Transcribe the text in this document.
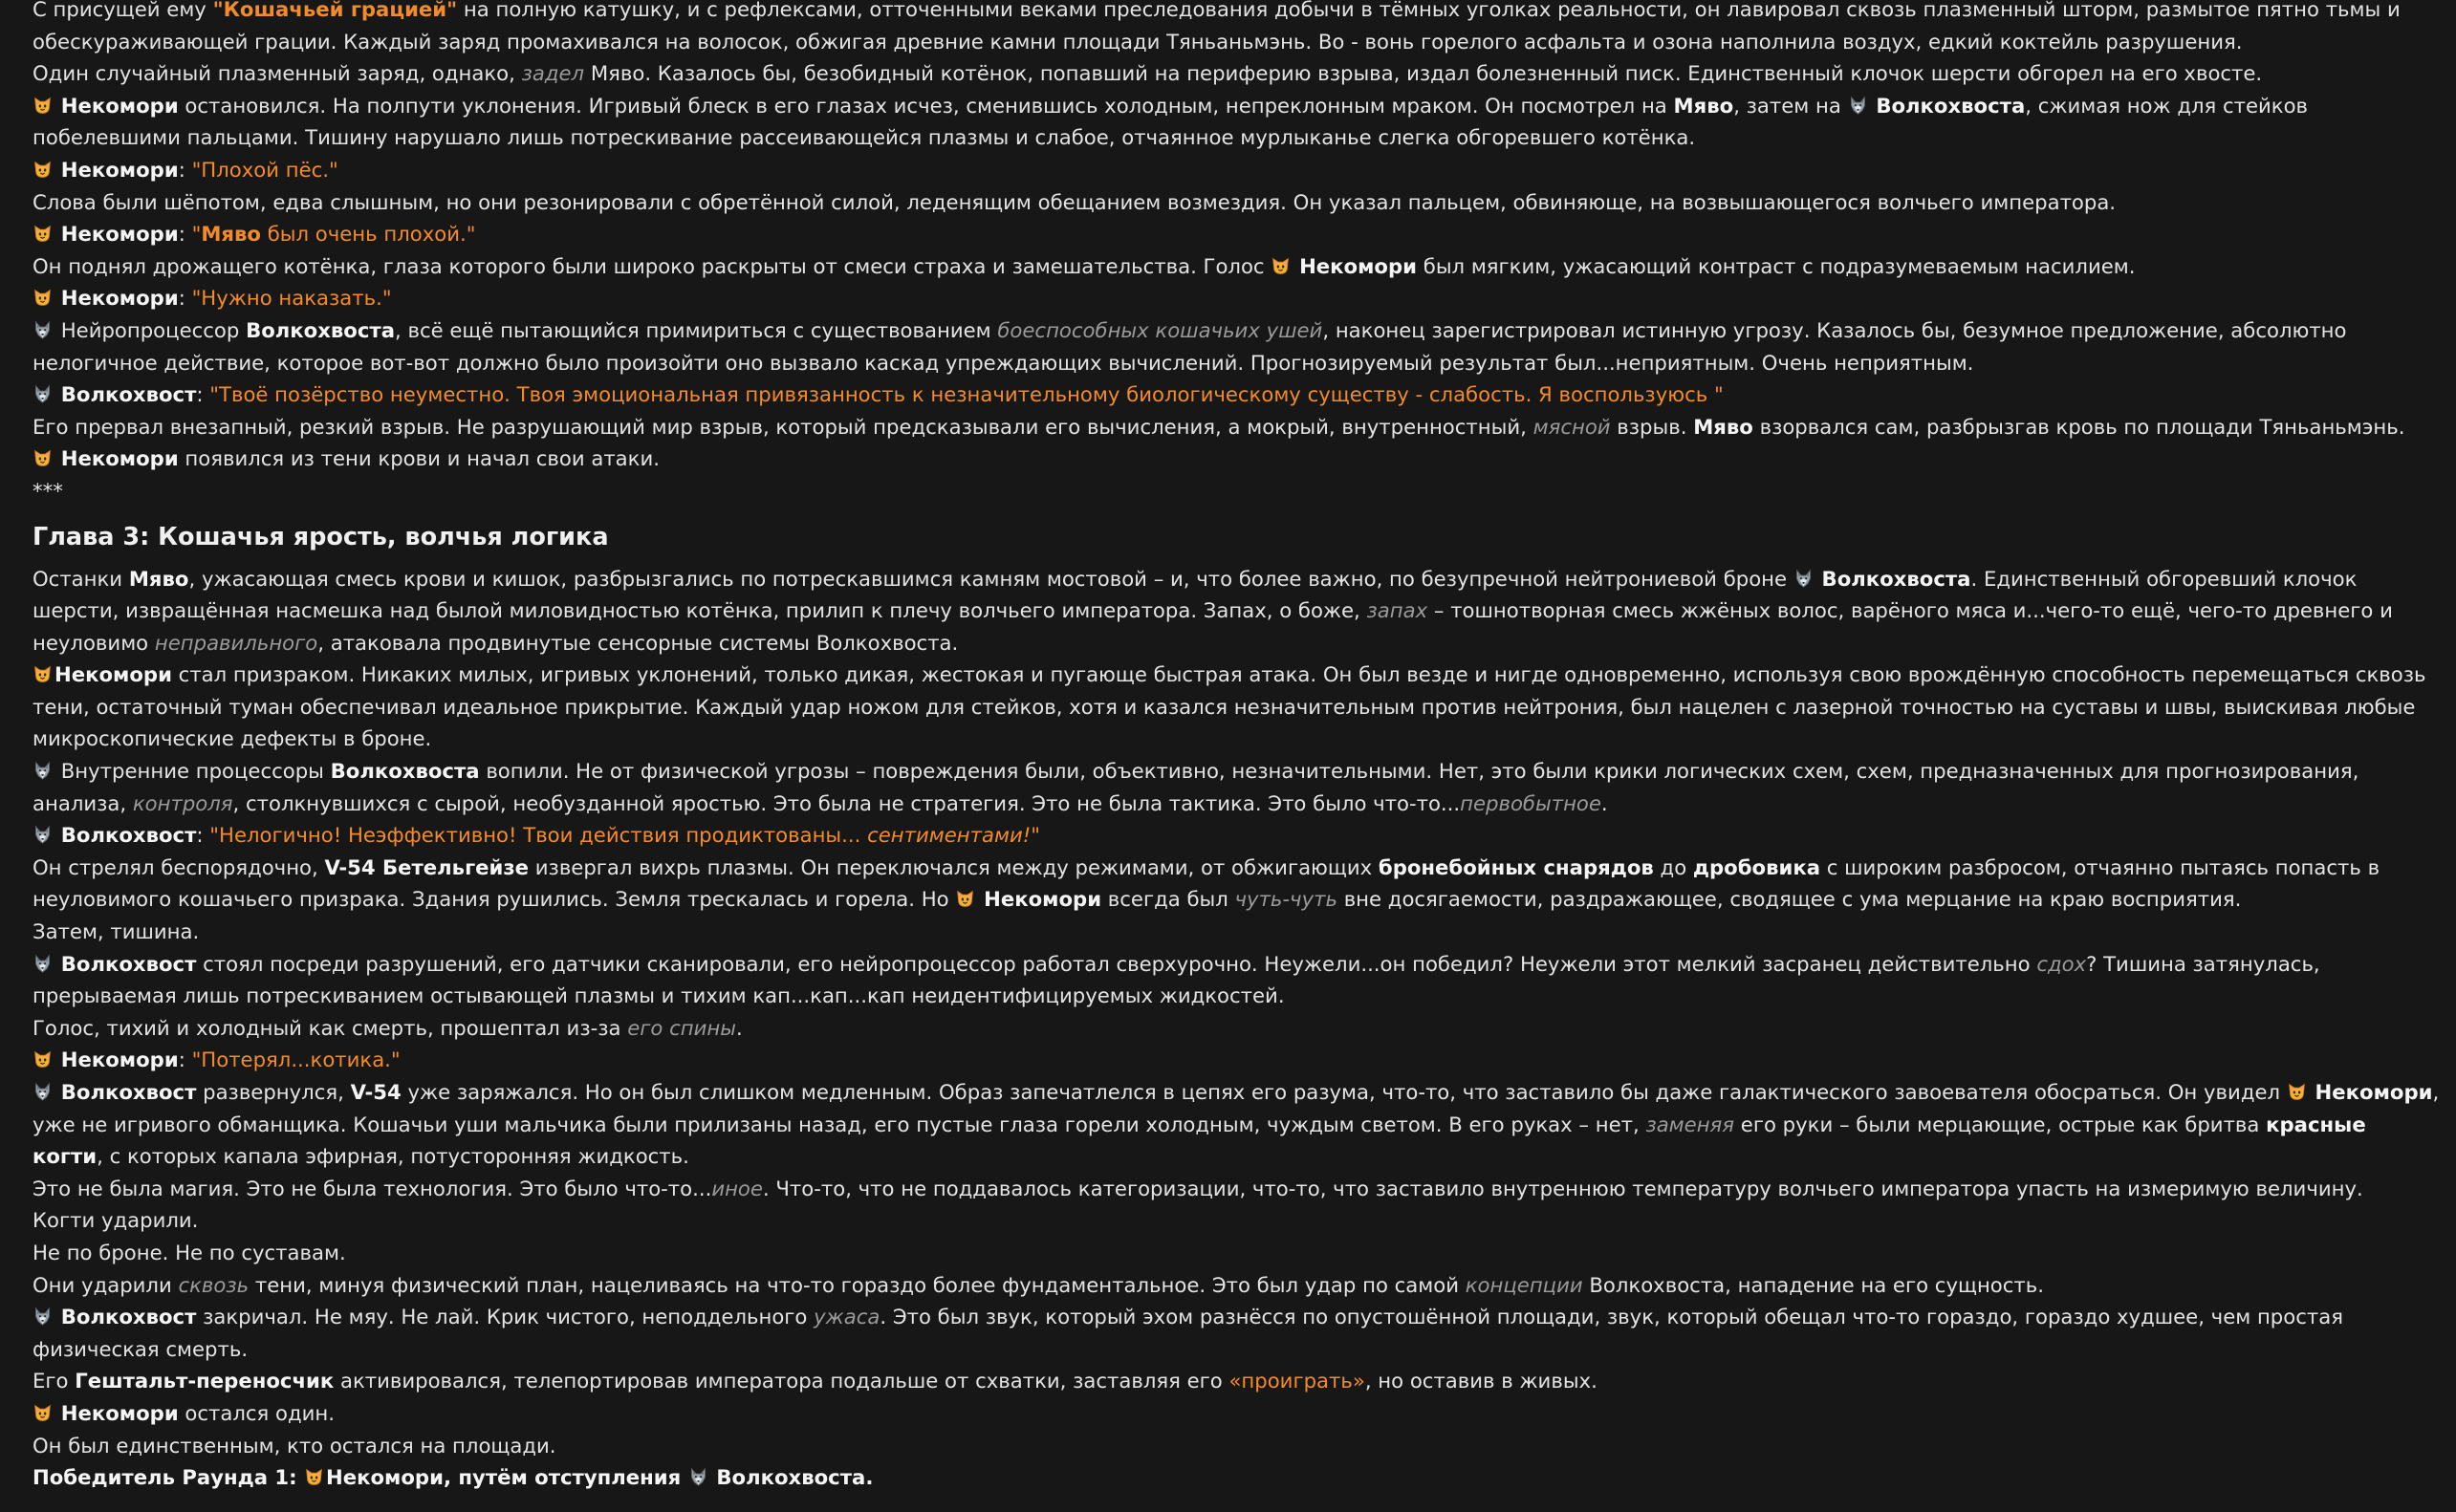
С присущей ему "Кошачьей грацией" на полную катушку, и с рефлексами, отточенными веками преследования добычи в тёмных уголках реальности, он лавировал сквозь плазменный шторм, размытое пятно тьмы и обескураживающей грации. Каждый заряд промахивался на волосок, обжигая древние камни площади Тяньаньмэнь. Во - вонь горелого асфальта и озона наполнила воздух, едкий коктейль разрушения.
Один случайный плазменный заряд, однако, задел Мяво. Казалось бы, безобидный котёнок, попавший на периферию взрыва, издал болезненный писк. Единственный клочок шерсти обгорел на его хвосте.
Некомори остановился. На полпути уклонения. Игривый блеск в его глазах исчез, сменившись холодным, непреклонным мраком. Он посмотрел на Мяво, затем на  Волкохвоста, сжимая нож для стейков побелевшими пальцами. Тишину нарушало лишь потрескивание рассеивающейся плазмы и слабое, отчаянное мурлыканье слегка обгоревшего котёнка.
Некомори: "Плохой пёс."
Слова были шёпотом, едва слышным, но они резонировали с обретённой силой, леденящим обещанием возмездия. Он указал пальцем, обвиняюще, на возвышающегося волчьего императора.
Некомори: "Мяво был очень плохой."
Он поднял дрожащего котёнка, глаза которого были широко раскрыты от смеси страха и замешательства. Голос  Некомори был мягким, ужасающий контраст с подразумеваемым насилием.
Некомори: "Нужно наказать."
Нейропроцессор Волкохвоста, всё ещё пытающийся примириться с существованием боеспособных кошачьих ушей, наконец зарегистрировал истинную угрозу. Казалось бы, безумное предложение, абсолютно нелогичное действие, которое вот-вот должно было произойти оно вызвало каскад упреждающих вычислений. Прогнозируемый результат был...неприятным. Очень неприятным.
Волкохвост: "Твоё позёрство неуместно. Твоя эмоциональная привязанность к незначительному биологическому существу - слабость. Я воспользуюсь "
Его прервал внезапный, резкий взрыв. Не разрушающий мир взрыв, который предсказывали его вычисления, а мокрый, внутренностный, мясной взрыв. Мяво взорвался сам, разбрызгав кровь по площади Тяньаньмэнь.
Некомори появился из тени крови и начал свои атаки.
***
Глава 3: Кошачья ярость, волчья логика
Останки Мяво, ужасающая смесь крови и кишок, разбрызгались по потрескавшимся камням мостовой – и, что более важно, по безупречной нейтрониевой броне  Волкохвоста. Единственный обгоревший клочок шерсти, извращённая насмешка над былой миловидностью котёнка, прилип к плечу волчьего императора. Запах, о боже, запах – тошнотворная смесь жжёных волос, варёного мяса и...чего-то ещё, чего-то древнего и неуловимо неправильного, атаковала продвинутые сенсорные системы Волкохвоста.
Некомори стал призраком. Никаких милых, игривых уклонений, только дикая, жестокая и пугающе быстрая атака. Он был везде и нигде одновременно, используя свою врождённую способность перемещаться сквозь тени, остаточный туман обеспечивал идеальное прикрытие. Каждый удар ножом для стейков, хотя и казался незначительным против нейтрония, был нацелен с лазерной точностью на суставы и швы, выискивая любые микроскопические дефекты в броне.
Внутренние процессоры Волкохвоста вопили. Не от физической угрозы – повреждения были, объективно, незначительными. Нет, это были крики логических схем, схем, предназначенных для прогнозирования, анализа, контроля, столкнувшихся с сырой, необузданной яростью. Это была не стратегия. Это не была тактика. Это было что-то...первобытное.
Волкохвост: "Нелогично! Неэффективно! Твои действия продиктованы... сентиментами!"
Он стрелял беспорядочно, V-54 Бетельгейзе извергал вихрь плазмы. Он переключался между режимами, от обжигающих бронебойных снарядов до дробовика с широким разбросом, отчаянно пытаясь попасть в неуловимого кошачьего призрака. Здания рушились. Земля трескалась и горела. Но  Некомори всегда был чуть-чуть вне досягаемости, раздражающее, сводящее с ума мерцание на краю восприятия.
Затем, тишина.
Волкохвост стоял посреди разрушений, его датчики сканировали, его нейропроцессор работал сверхурочно. Неужели...он победил? Неужели этот мелкий засранец действительно сдох? Тишина затянулась, прерываемая лишь потрескиванием остывающей плазмы и тихим кап...кап...кап неидентифицируемых жидкостей.
Голос, тихий и холодный как смерть, прошептал из-за его спины.
Некомори: "Потерял...котика."
Волкохвост развернулся, V-54 уже заряжался. Но он был слишком медленным. Образ запечатлелся в цепях его разума, что-то, что заставило бы даже галактического завоевателя обосраться. Он увидел  Некомори, уже не игривого обманщика. Кошачьи уши мальчика были прилизаны назад, его пустые глаза горели холодным, чуждым светом. В его руках – нет, заменяя его руки – были мерцающие, острые как бритва красные когти, с которых капала эфирная, потусторонняя жидкость.
Это не была магия. Это не была технология. Это было что-то...иное. Что-то, что не поддавалось категоризации, что-то, что заставило внутреннюю температуру волчьего императора упасть на измеримую величину.
Когти ударили.
Не по броне. Не по суставам.
Они ударили сквозь тени, минуя физический план, нацеливаясь на что-то гораздо более фундаментальное. Это был удар по самой концепции Волкохвоста, нападение на его сущность.
Волкохвост закричал. Не мяу. Не лай. Крик чистого, неподдельного ужаса. Это был звук, который эхом разнёсся по опустошённой площади, звук, который обещал что-то гораздо, гораздо худшее, чем простая физическая смерть.
Его Гештальт-переносчик активировался, телепортировав императора подальше от схватки, заставляя его «проиграть», но оставив в живых.
Некомори остался один.
Он был единственным, кто остался на площади.
Победитель Раунда 1: Некомори, путём отступления  Волкохвоста.
